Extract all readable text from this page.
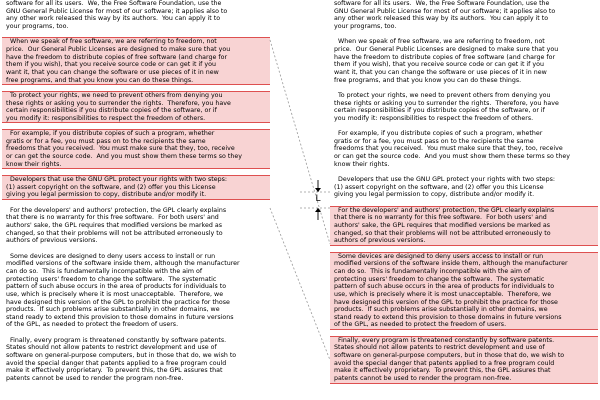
software for all its users.  We, the Free Software Foundation, use the
GNU General Public License for most of our software; it applies also to
any other work released this way by its authors.  You can apply it to
your programs, too.
When we speak of free software, we are referring to freedom, not
price.  Our General Public Licenses are designed to make sure that you
have the freedom to distribute copies of free software (and charge for
them if you wish), that you receive source code or can get it if you
want it, that you can change the software or use pieces of it in new
free programs, and that you know you can do these things.
To protect your rights, we need to prevent others from denying you
these rights or asking you to surrender the rights.  Therefore, you have
certain responsibilities if you distribute copies of the software, or if
you modify it: responsibilities to respect the freedom of others.
For example, if you distribute copies of such a program, whether
gratis or for a fee, you must pass on to the recipients the same
freedoms that you received.  You must make sure that they, too, receive
or can get the source code.  And you must show them these terms so they
know their rights.
Developers that use the GNU GPL protect your rights with two steps:
(1) assert copyright on the software, and (2) offer you this License
giving you legal permission to copy, distribute and/or modify it.
For the developers' and authors' protection, the GPL clearly explains
that there is no warranty for this free software.  For both users' and
authors' sake, the GPL requires that modified versions be marked as
changed, so that their problems will not be attributed erroneously to
authors of previous versions.
Some devices are designed to deny users access to install or run
modified versions of the software inside them, although the manufacturer
can do so.  This is fundamentally incompatible with the aim of
protecting users' freedom to change the software.  The systematic
pattern of such abuse occurs in the area of products for individuals to
use, which is precisely where it is most unacceptable.  Therefore, we
have designed this version of the GPL to prohibit the practice for those
products.  If such problems arise substantially in other domains, we
stand ready to extend this provision to those domains in future versions
of the GPL, as needed to protect the freedom of users.
Finally, every program is threatened constantly by software patents.
States should not allow patents to restrict development and use of
software on general-purpose computers, but in those that do, we wish to
avoid the special danger that patents applied to a free program could
make it effectively proprietary.  To prevent this, the GPL assures that
patents cannot be used to render the program non-free.
software for all its users.  We, the Free Software Foundation, use the
GNU General Public License for most of our software; it applies also to
any other work released this way by its authors.  You can apply it to
your programs, too.
When we speak of free software, we are referring to freedom, not
price.  Our General Public Licenses are designed to make sure that you
have the freedom to distribute copies of free software (and charge for
them if you wish), that you receive source code or can get it if you
want it, that you can change the software or use pieces of it in new
free programs, and that you know you can do these things.
To protect your rights, we need to prevent others from denying you
these rights or asking you to surrender the rights.  Therefore, you have
certain responsibilities if you distribute copies of the software, or if
you modify it: responsibilities to respect the freedom of others.
For example, if you distribute copies of such a program, whether
gratis or for a fee, you must pass on to the recipients the same
freedoms that you received.  You must make sure that they, too, receive
or can get the source code.  And you must show them these terms so they
know their rights.
Developers that use the GNU GPL protect your rights with two steps:
(1) assert copyright on the software, and (2) offer you this License
giving you legal permission to copy, distribute and/or modify it.
For the developers' and authors' protection, the GPL clearly explains
that there is no warranty for this free software.  For both users' and
authors' sake, the GPL requires that modified versions be marked as
changed, so that their problems will not be attributed erroneously to
authors of previous versions.
Some devices are designed to deny users access to install or run
modified versions of the software inside them, although the manufacturer
can do so.  This is fundamentally incompatible with the aim of
protecting users' freedom to change the software.  The systematic
pattern of such abuse occurs in the area of products for individuals to
use, which is precisely where it is most unacceptable.  Therefore, we
have designed this version of the GPL to prohibit the practice for those
products.  If such problems arise substantially in other domains, we
stand ready to extend this provision to those domains in future versions
of the GPL, as needed to protect the freedom of users.
Finally, every program is threatened constantly by software patents.
States should not allow patents to restrict development and use of
software on general-purpose computers, but in those that do, we wish to
avoid the special danger that patents applied to a free program could
make it effectively proprietary.  To prevent this, the GPL assures that
patents cannot be used to render the program non-free.
L
